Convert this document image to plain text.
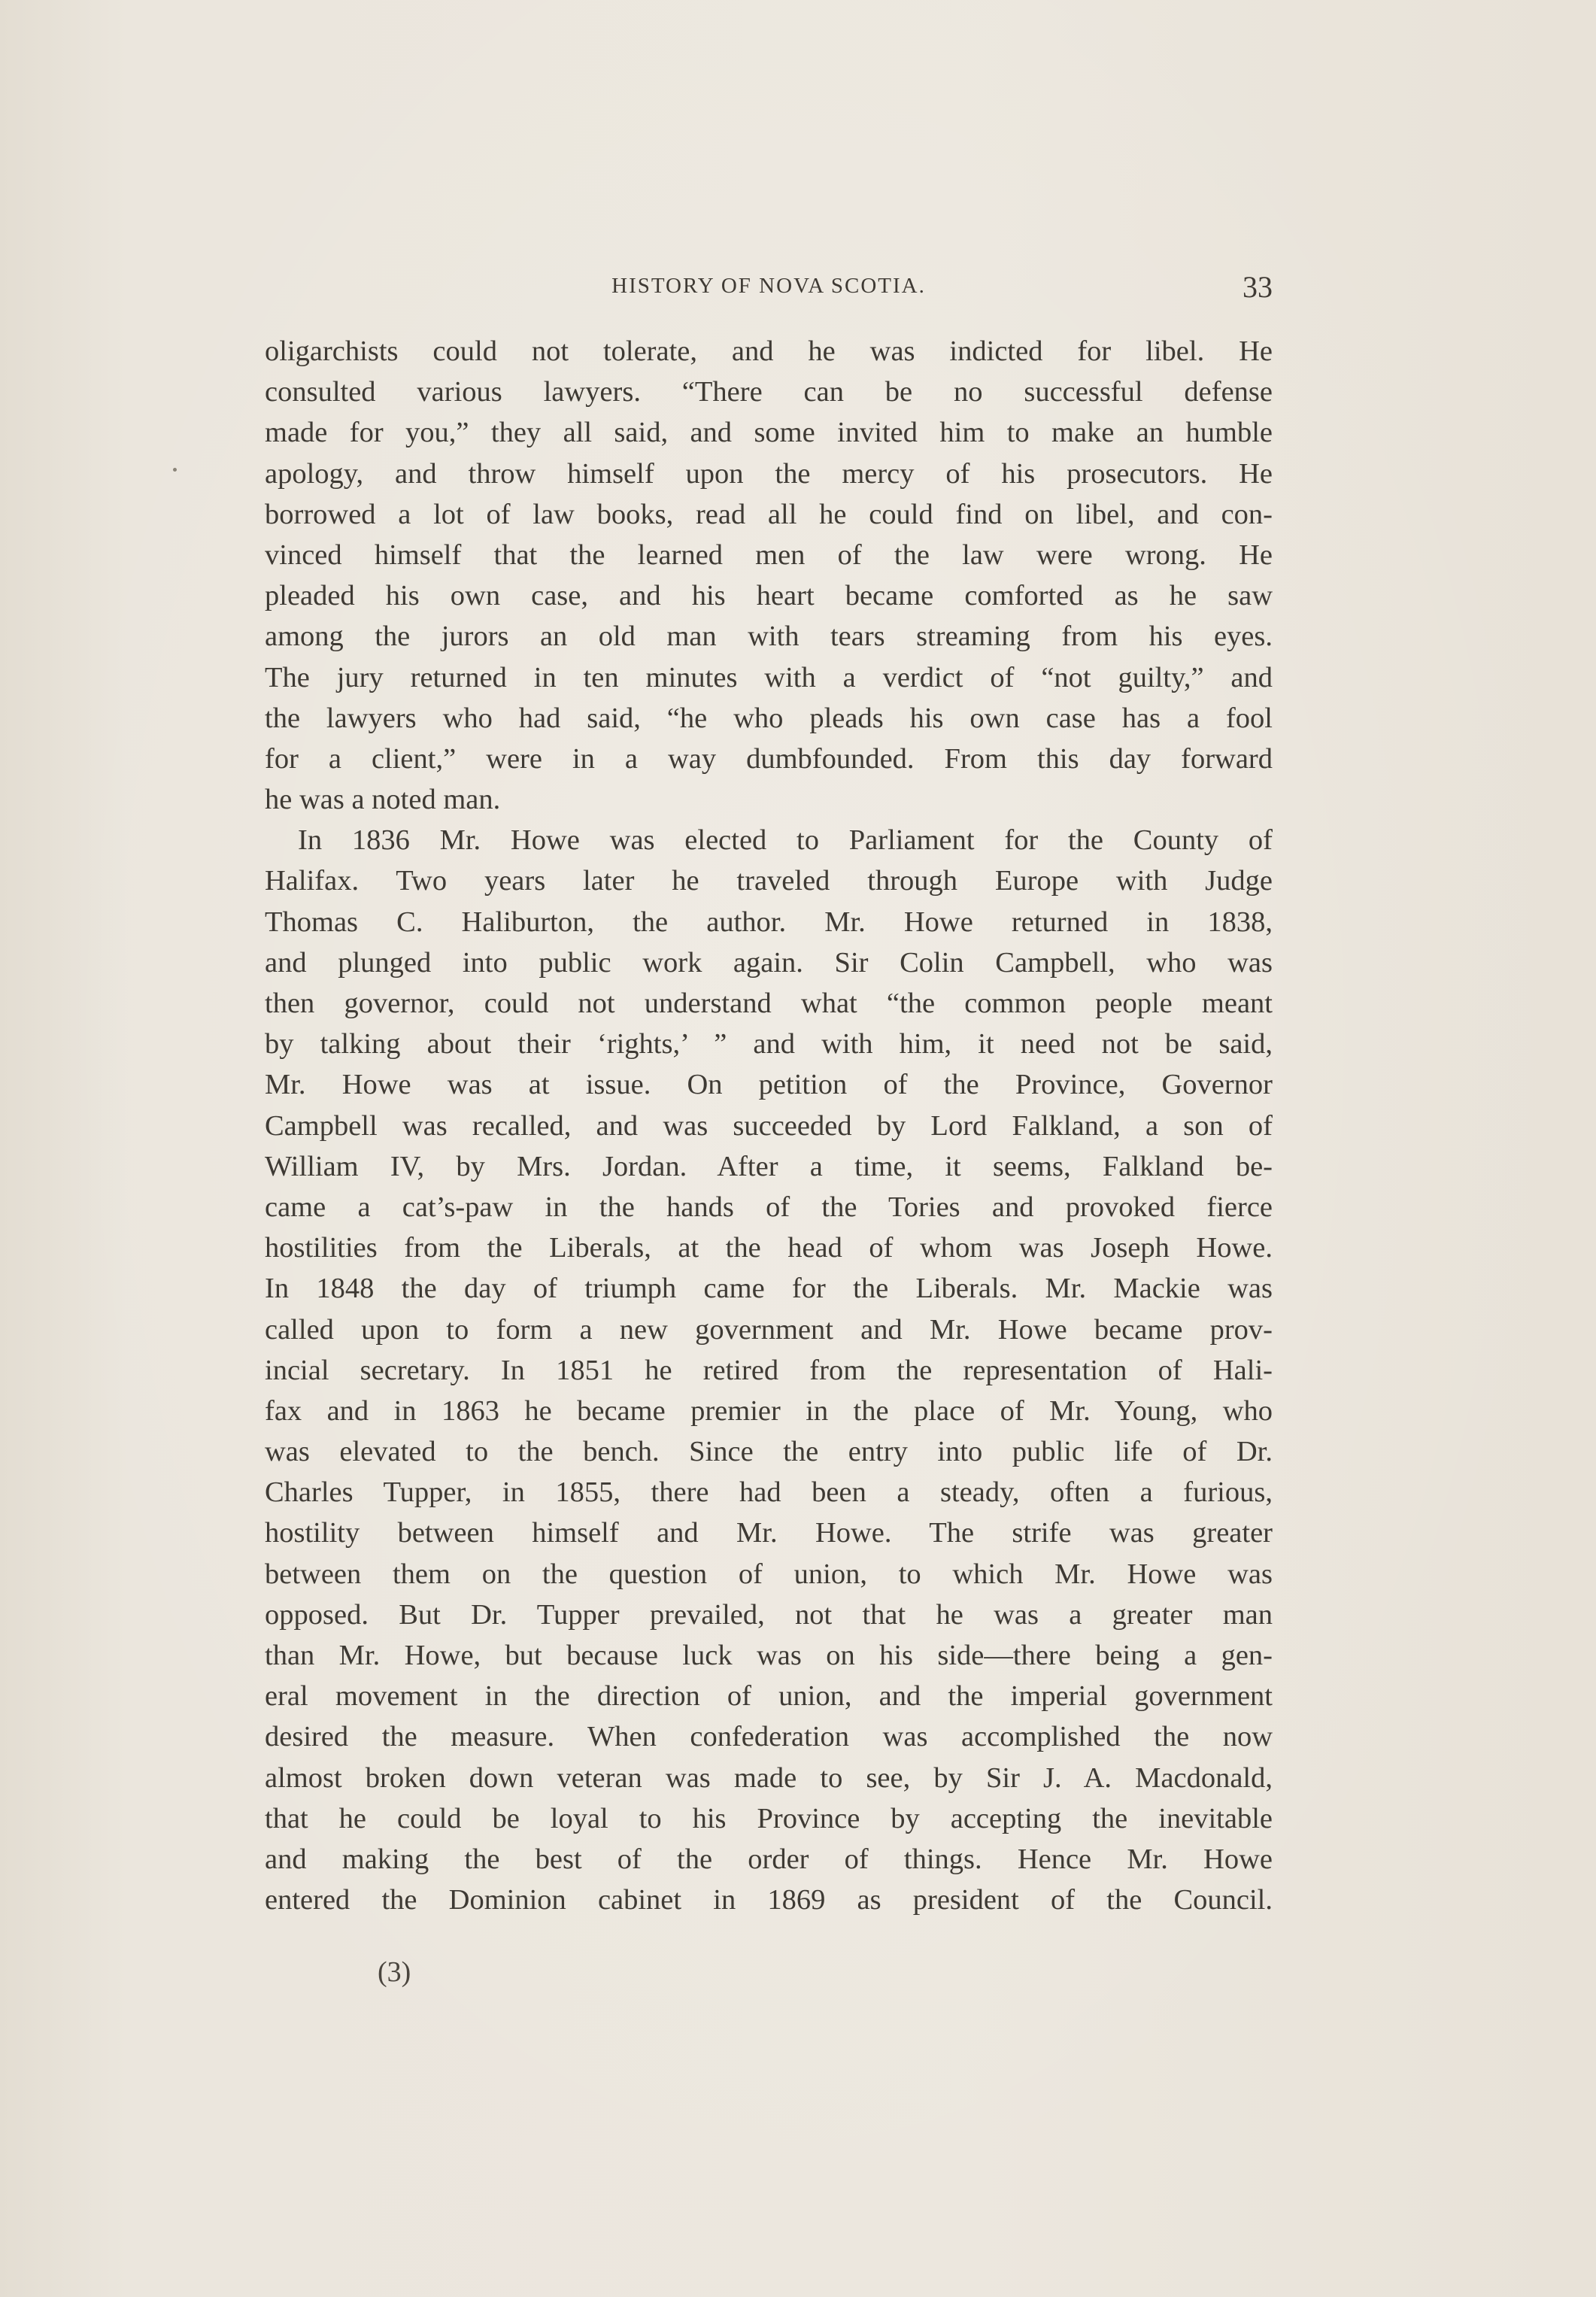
HISTORY OF NOVA SCOTIA.	33
oligarchists could not tolerate, and he was indicted for libel. He
consulted various lawyers. “There can be no successful defense
made for you,” they all said, and some invited him to make an humble
apology, and throw himself upon the mercy of his prosecutors. He
borrowed a lot of law books, read all he could find on libel, and con-
vinced himself that the learned men of the law were wrong. He
pleaded his own case, and his heart became comforted as he saw
among the jurors an old man with tears streaming from his eyes.
The jury returned in ten minutes with a verdict of “not guilty,” and
the lawyers who had said, “he who pleads his own case has a fool
for a client,” were in a way dumbfounded. From this day forward
he was a noted man.
In 1836 Mr. Howe was elected to Parliament for the County of
Halifax. Two years later he traveled through Europe with Judge
Thomas C. Haliburton, the author. Mr. Howe returned in 1838,
and plunged into public work again. Sir Colin Campbell, who was
then governor, could not understand what “the common people meant
by talking about their ‘rights,’ ” and with him, it need not be said,
Mr. Howe was at issue. On petition of the Province, Governor
Campbell was recalled, and was succeeded by Lord Falkland, a son of
William IV, by Mrs. Jordan. After a time, it seems, Falkland be-
came a cat’s-paw in the hands of the Tories and provoked fierce
hostilities from the Liberals, at the head of whom was Joseph Howe.
In 1848 the day of triumph came for the Liberals. Mr. Mackie was
called upon to form a new government and Mr. Howe became prov-
incial secretary. In 1851 he retired from the representation of Hali-
fax and in 1863 he became premier in the place of Mr. Young, who
was elevated to the bench. Since the entry into public life of Dr.
Charles Tupper, in 1855, there had been a steady, often a furious,
hostility between himself and Mr. Howe. The strife was greater
between them on the question of union, to which Mr. Howe was
opposed. But Dr. Tupper prevailed, not that he was a greater man
than Mr. Howe, but because luck was on his side—there being a gen-
eral movement in the direction of union, and the imperial government
desired the measure. When confederation was accomplished the now
almost broken down veteran was made to see, by Sir J. A. Macdonald,
that he could be loyal to his Province by accepting the inevitable
and making the best of the order of things. Hence Mr. Howe
entered the Dominion cabinet in 1869 as president of the Council.
(3)
